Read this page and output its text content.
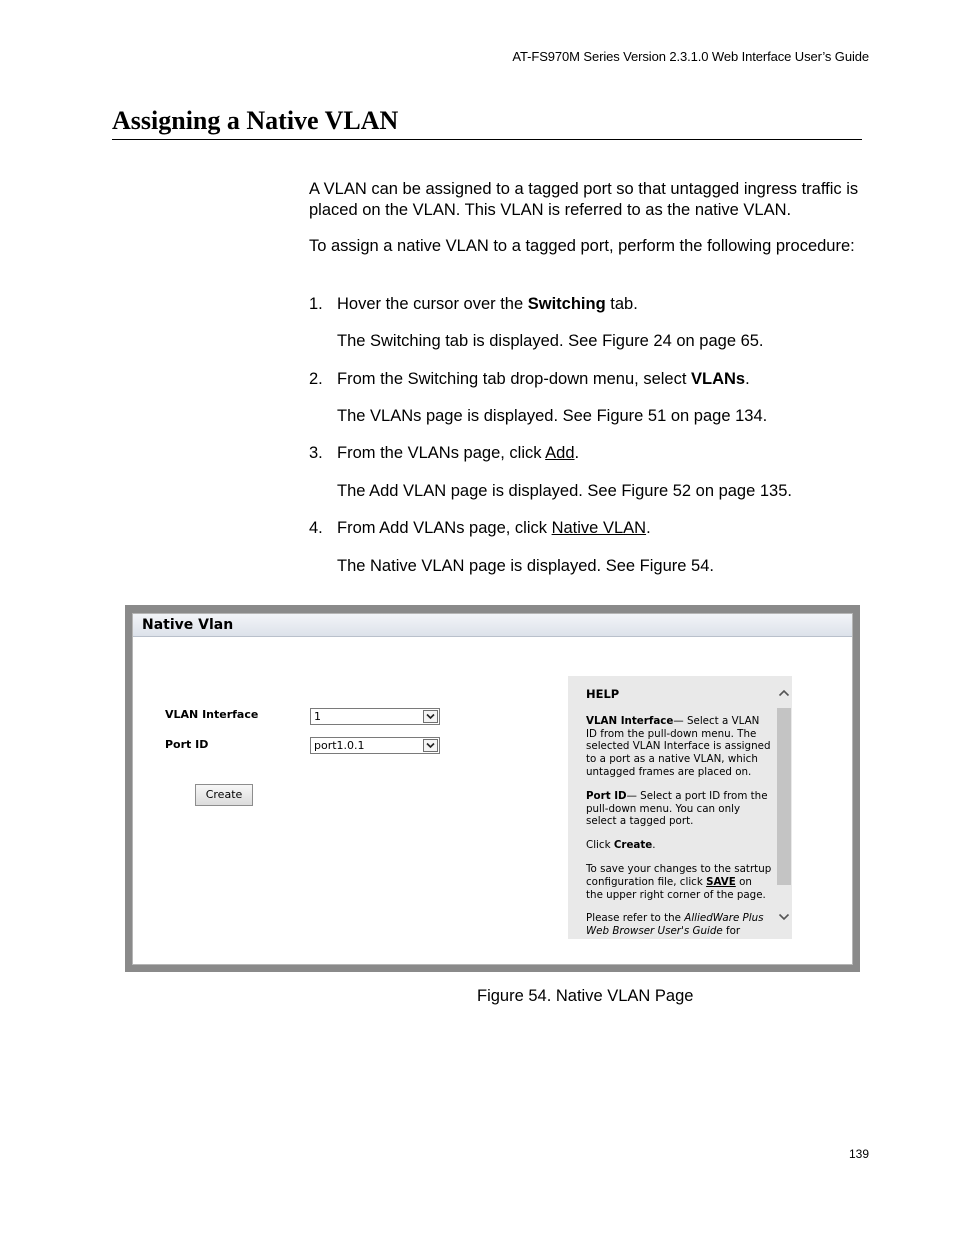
AT-FS970M Series Version 2.3.1.0 Web Interface User’s Guide
Assigning a Native VLAN
A VLAN can be assigned to a tagged port so that untagged ingress traffic is placed on the VLAN. This VLAN is referred to as the native VLAN.
To assign a native VLAN to a tagged port, perform the following procedure:
1. Hover the cursor over the Switching tab.
The Switching tab is displayed. See Figure 24 on page 65.
2. From the Switching tab drop-down menu, select VLANs.
The VLANs page is displayed. See Figure 51 on page 134.
3. From the VLANs page, click Add.
The Add VLAN page is displayed. See Figure 52 on page 135.
4. From Add VLANs page, click Native VLAN.
The Native VLAN page is displayed. See Figure 54.
Native Vlan
VLAN Interface	1
Port ID	port1.0.1
Create
HELP

VLAN Interface— Select a VLAN ID from the pull-down menu. The selected VLAN Interface is assigned to a port as a native VLAN, which untagged frames are placed on.

Port ID— Select a port ID from the pull-down menu. You can only select a tagged port.

Click Create.

To save your changes to the satrtup configuration file, click SAVE on the upper right corner of the page.

Please refer to the AlliedWare Plus Web Browser User's Guide for

Figure 54. Native VLAN Page
139
